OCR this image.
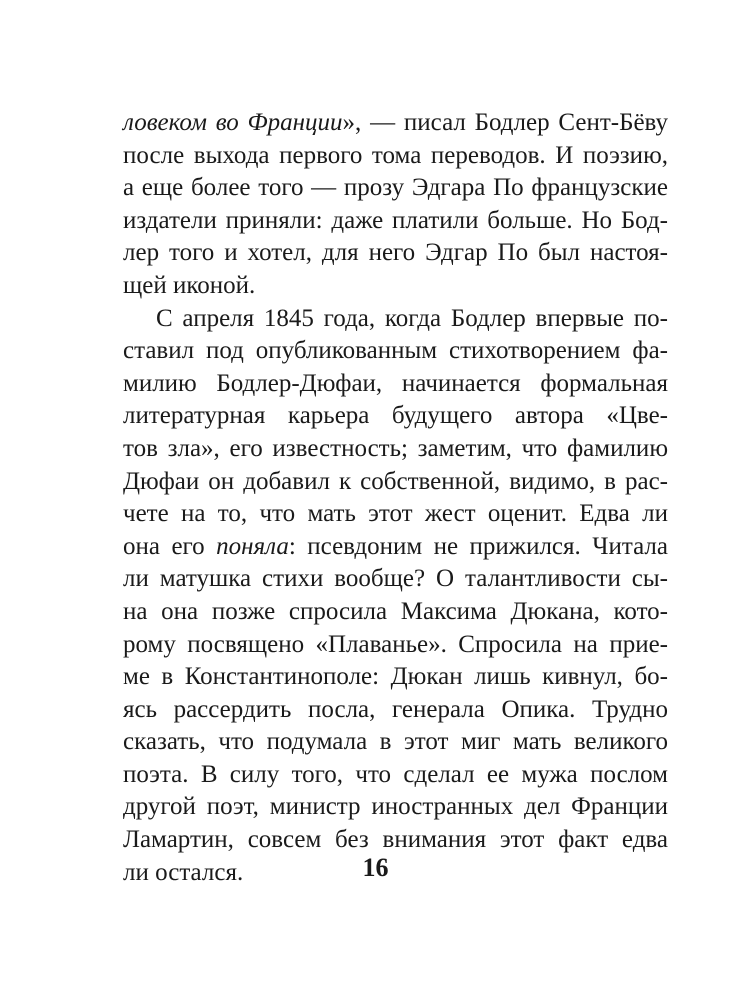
ловеком во Франции», — писал Бодлер Сент-Бёву
после выхода первого тома переводов. И поэзию,
а еще более того — прозу Эдгара По французские
издатели приняли: даже платили больше. Но Бод-
лер того и хотел, для него Эдгар По был настоя-
щей иконой.
С апреля 1845 года, когда Бодлер впервые по-
ставил под опубликованным стихотворением фа-
милию Бодлер-Дюфаи, начинается формальная
литературная карьера будущего автора «Цве-
тов зла», его известность; заметим, что фамилию
Дюфаи он добавил к собственной, видимо, в рас-
чете на то, что мать этот жест оценит. Едва ли
она его поняла: псевдоним не прижился. Читала
ли матушка стихи вообще? О талантливости сы-
на она позже спросила Максима Дюкана, кото-
рому посвящено «Плаванье». Спросила на прие-
ме в Константинополе: Дюкан лишь кивнул, бо-
ясь рассердить посла, генерала Опика. Трудно
сказать, что подумала в этот миг мать великого
поэта. В силу того, что сделал ее мужа послом
другой поэт, министр иностранных дел Франции
Ламартин, совсем без внимания этот факт едва
ли остался.	16
